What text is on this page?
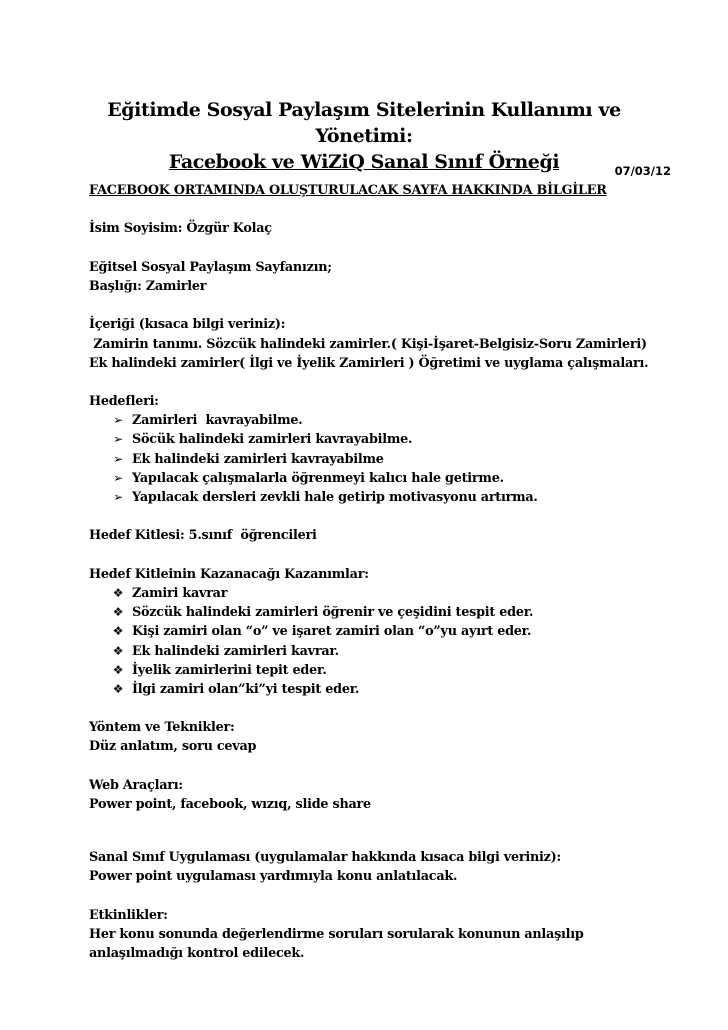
Eğitimde Sosyal Paylaşım Sitelerinin Kullanımı ve Yönetimi:
Facebook ve WiZiQ Sanal Sınıf Örneği	07/03/12
FACEBOOK ORTAMINDA OLUŞTURULACAK SAYFA HAKKINDA BİLGİLER
İsim Soyisim: Özgür Kolaç
Eğitsel Sosyal Paylaşım Sayfanızın;
Başlığı: Zamirler
İçeriği (kısaca bilgi veriniz):
Zamirin tanımı. Sözcük halindeki zamirler.( Kişi-İşaret-Belgisiz-Soru Zamirleri)
Ek halindeki zamirler( İlgi ve İyelik Zamirleri ) Öğretimi ve uyglama çalışmaları.
Hedefleri:
➢ Zamirleri  kavrayabilme.
➢ Söcük halindeki zamirleri kavrayabilme.
➢ Ek halindeki zamirleri kavrayabilme
➢ Yapılacak çalışmalarla öğrenmeyi kalıcı hale getirme.
➢ Yapılacak dersleri zevkli hale getirip motivasyonu artırma.
Hedef Kitlesi: 5.sınıf  öğrencileri
Hedef Kitleinin Kazanacağı Kazanımlar:
❖ Zamiri kavrar
❖ Sözcük halindeki zamirleri öğrenir ve çeşidini tespit eder.
❖ Kişi zamiri olan “o” ve işaret zamiri olan “o”yu ayırt eder.
❖ Ek halindeki zamirleri kavrar.
❖ İyelik zamirlerini tepit eder.
❖ İlgi zamiri olan”ki”yi tespit eder.
Yöntem ve Teknikler:
Düz anlatım, soru cevap
Web Araçları:
Power point, facebook, wızıq, slide share
Sanal Sınıf Uygulaması (uygulamalar hakkında kısaca bilgi veriniz):
Power point uygulaması yardımıyla konu anlatılacak.
Etkinlikler:
Her konu sonunda değerlendirme soruları sorularak konunun anlaşılıp
anlaşılmadığı kontrol edilecek.
